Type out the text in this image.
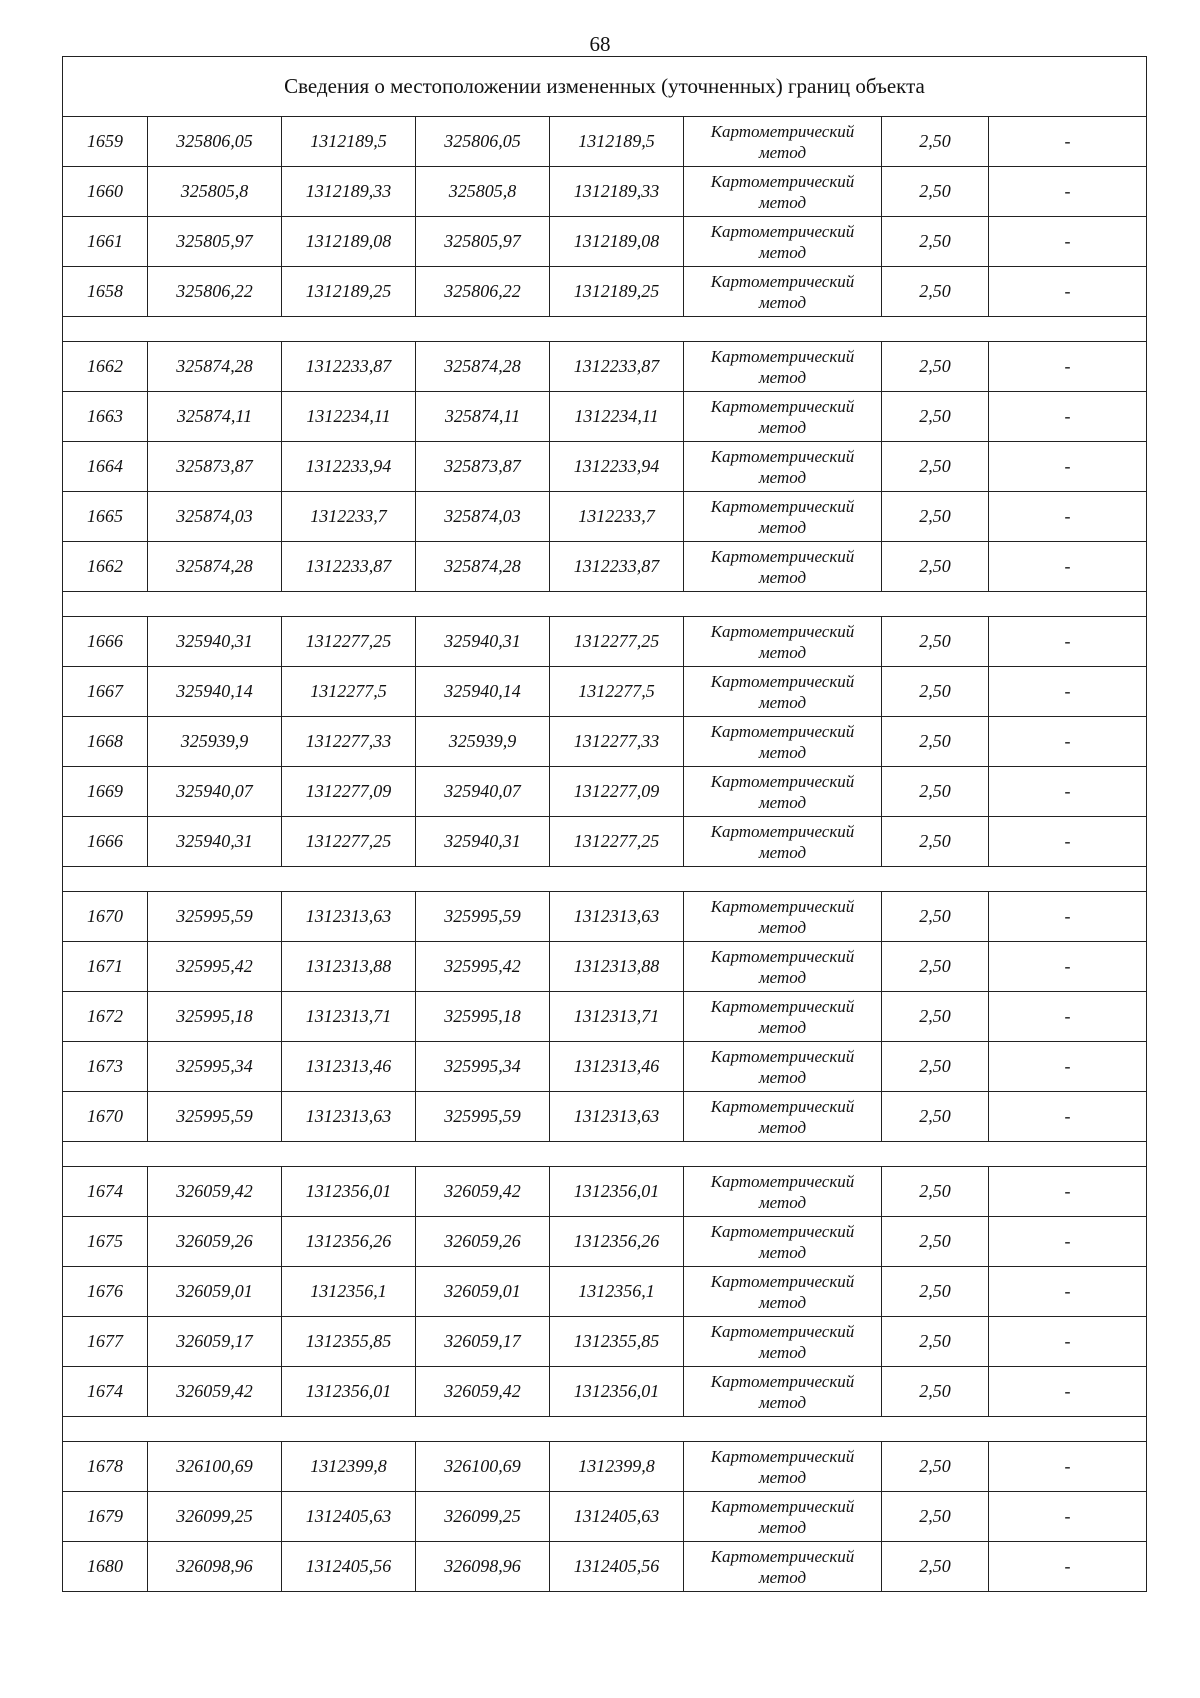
68
Сведения о местоположении измененных (уточненных) границ объекта							
1659	325806,05	1312189,5	325806,05	1312189,5	Картометрический
метод	2,50	-
1660	325805,8	1312189,33	325805,8	1312189,33	Картометрический
метод	2,50	-
1661	325805,97	1312189,08	325805,97	1312189,08	Картометрический
метод	2,50	-
1658	325806,22	1312189,25	325806,22	1312189,25	Картометрический
метод	2,50	-

1662	325874,28	1312233,87	325874,28	1312233,87	Картометрический
метод	2,50	-
1663	325874,11	1312234,11	325874,11	1312234,11	Картометрический
метод	2,50	-
1664	325873,87	1312233,94	325873,87	1312233,94	Картометрический
метод	2,50	-
1665	325874,03	1312233,7	325874,03	1312233,7	Картометрический
метод	2,50	-
1662	325874,28	1312233,87	325874,28	1312233,87	Картометрический
метод	2,50	-

1666	325940,31	1312277,25	325940,31	1312277,25	Картометрический
метод	2,50	-
1667	325940,14	1312277,5	325940,14	1312277,5	Картометрический
метод	2,50	-
1668	325939,9	1312277,33	325939,9	1312277,33	Картометрический
метод	2,50	-
1669	325940,07	1312277,09	325940,07	1312277,09	Картометрический
метод	2,50	-
1666	325940,31	1312277,25	325940,31	1312277,25	Картометрический
метод	2,50	-

1670	325995,59	1312313,63	325995,59	1312313,63	Картометрический
метод	2,50	-
1671	325995,42	1312313,88	325995,42	1312313,88	Картометрический
метод	2,50	-
1672	325995,18	1312313,71	325995,18	1312313,71	Картометрический
метод	2,50	-
1673	325995,34	1312313,46	325995,34	1312313,46	Картометрический
метод	2,50	-
1670	325995,59	1312313,63	325995,59	1312313,63	Картометрический
метод	2,50	-

1674	326059,42	1312356,01	326059,42	1312356,01	Картометрический
метод	2,50	-
1675	326059,26	1312356,26	326059,26	1312356,26	Картометрический
метод	2,50	-
1676	326059,01	1312356,1	326059,01	1312356,1	Картометрический
метод	2,50	-
1677	326059,17	1312355,85	326059,17	1312355,85	Картометрический
метод	2,50	-
1674	326059,42	1312356,01	326059,42	1312356,01	Картометрический
метод	2,50	-

1678	326100,69	1312399,8	326100,69	1312399,8	Картометрический
метод	2,50	-
1679	326099,25	1312405,63	326099,25	1312405,63	Картометрический
метод	2,50	-
1680	326098,96	1312405,56	326098,96	1312405,56	Картометрический
метод	2,50	-
